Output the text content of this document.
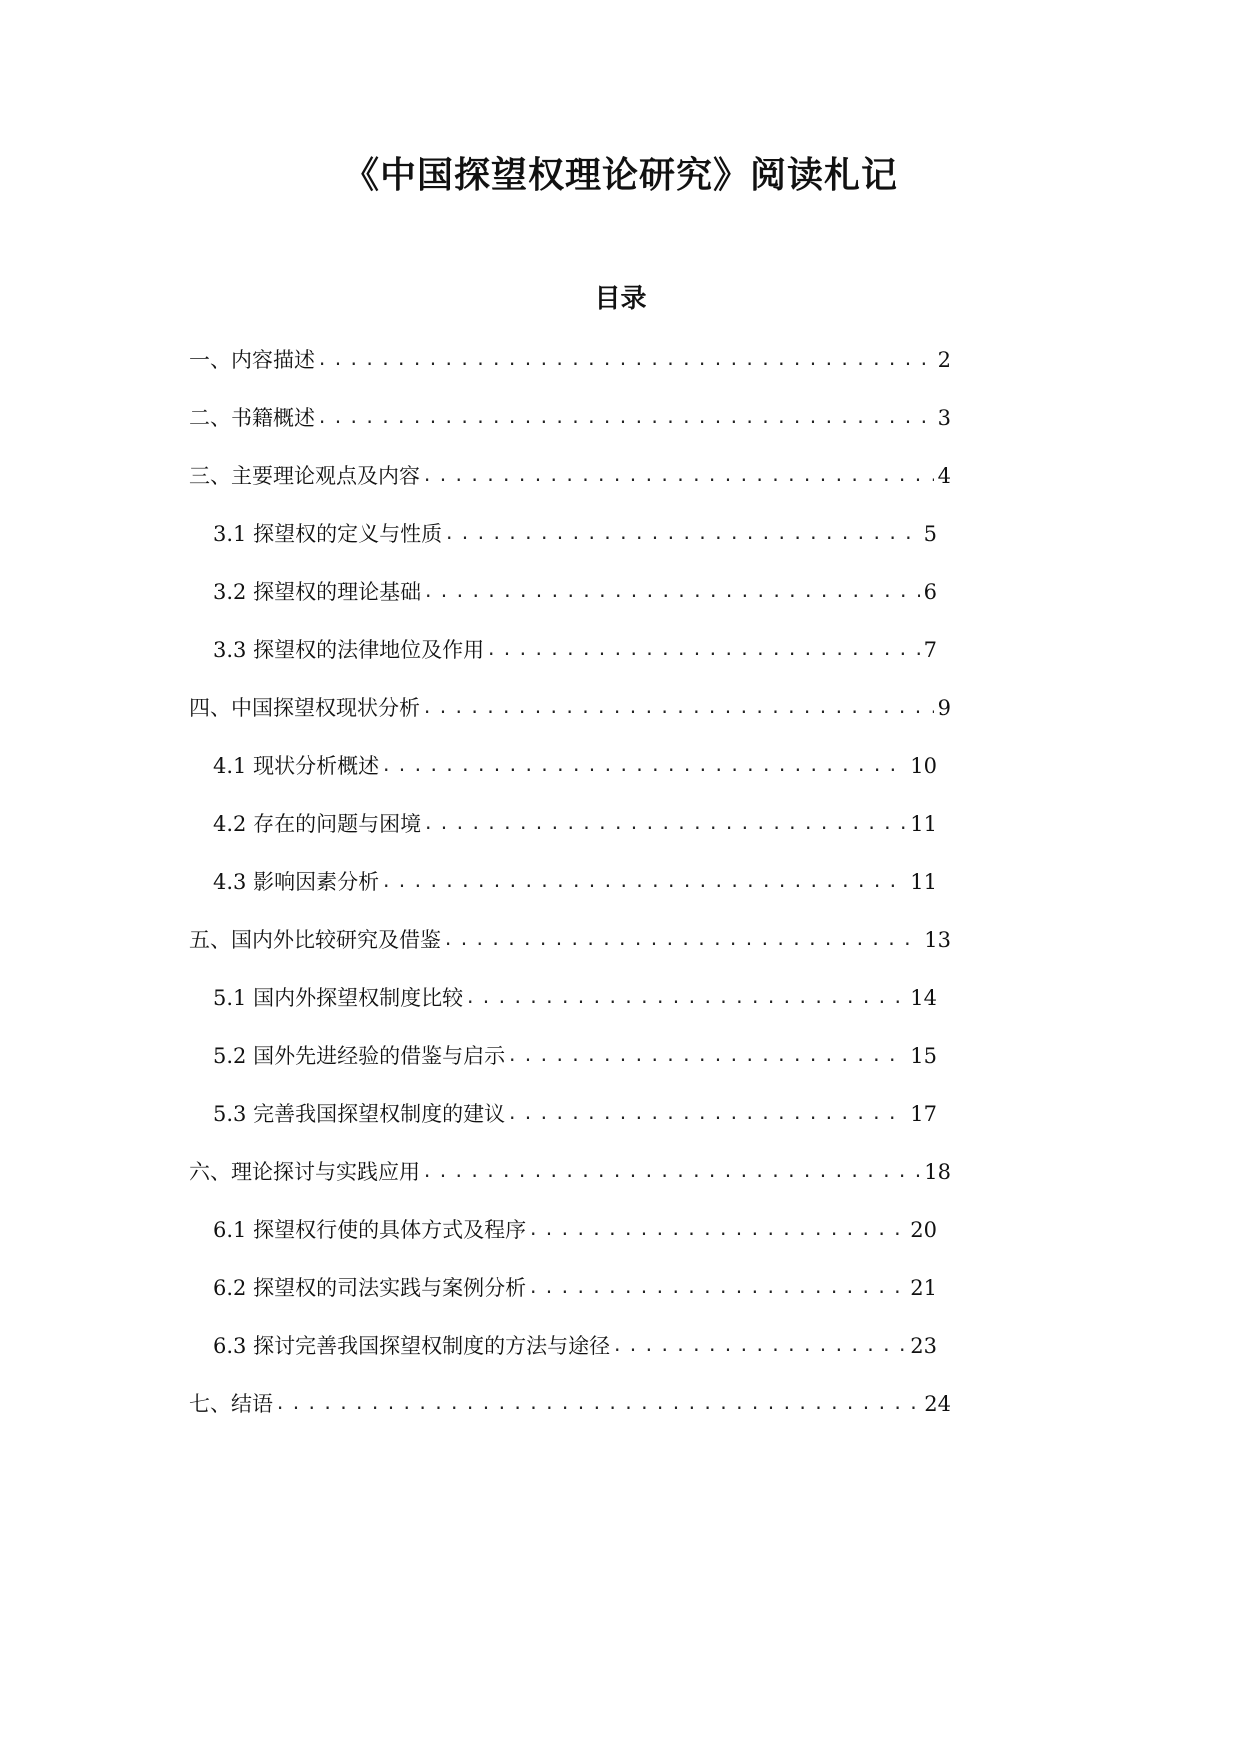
《中国探望权理论研究》阅读札记
目录
一、内容描述 .....	2
二、书籍概述 .....	3
三、主要理论观点及内容 .....	4
3.1 探望权的定义与性质 .....	5
3.2 探望权的理论基础 .....	6
3.3 探望权的法律地位及作用 .....	7
四、中国探望权现状分析 .....	9
4.1 现状分析概述 .....	10
4.2 存在的问题与困境 .....	11
4.3 影响因素分析 .....	11
五、国内外比较研究及借鉴 .....	13
5.1 国内外探望权制度比较 .....	14
5.2 国外先进经验的借鉴与启示 .....	15
5.3 完善我国探望权制度的建议 .....	17
六、理论探讨与实践应用 .....	18
6.1 探望权行使的具体方式及程序 .....	20
6.2 探望权的司法实践与案例分析 .....	21
6.3 探讨完善我国探望权制度的方法与途径 .....	23
七、结语 .....	24
